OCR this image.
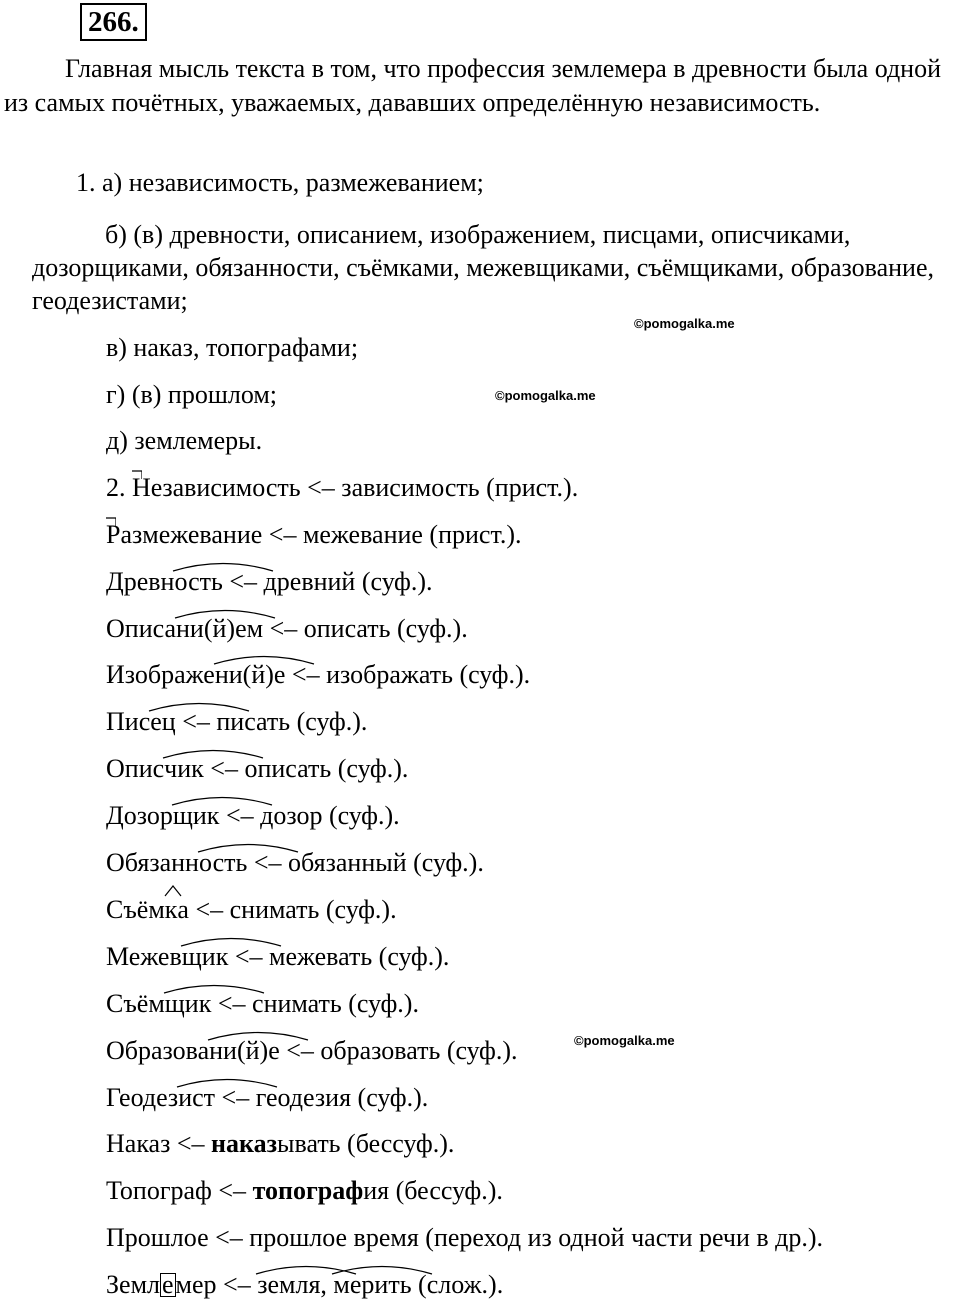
266.
Главная мысль текста в том, что профессия землемера в древности была одной из самых почётных, уважаемых, дававших определённую независимость.
1. а) независимость, размежеванием;
б) (в) древности, описанием, изображением, писцами, описчиками, дозорщиками, обязанности, съёмками, межевщиками, съёмщиками, образование, геодезистами;
©pomogalka.me
в) наказ, топографами;
г) (в) прошлом;	©pomogalka.me
д) землемеры.
2.
Независимость <– зависимость (прист.).
Размежевание <– межевание (прист.).
Древн
ость <– древний (суф.).
Описа
ни(й)ем <– описать (суф.).
Изображе
ни(й)е <– изображать (суф.).
Пис
ец <– писать (суф.).
Опис
чик <– описать (суф.).
Дозор
щик <– дозор (суф.).
Обязанн
ость <– обязанный (суф.).
Съём
ка <– снимать (суф.).
Межев
щик <– межевать (суф.).
Съём
щик <– снимать (суф.).
Образова
ни(й)е <– образовать (суф.).	©pomogalka.me
Геодез
ист <– геодезия (суф.).
Наказ <– наказывать (бессуф.).
Топограф <– топография (бессуф.).
Прошлое <– прошлое время (переход из одной части речи в др.).
Землемер <–
земля,
мерить (слож.).
